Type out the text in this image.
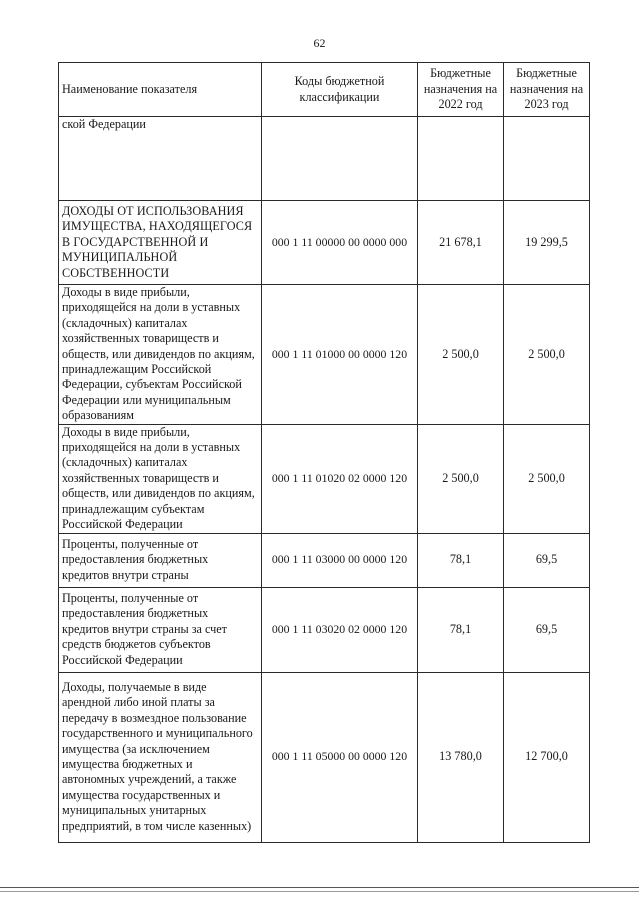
62
Наименование показателя	Коды бюджетной классификации	Бюджетные назначения на 2022 год	Бюджетные назначения на 2023 год
ской Федерации			
ДОХОДЫ ОТ ИСПОЛЬЗОВАНИЯ ИМУЩЕСТВА, НАХОДЯЩЕГОСЯ В ГОСУДАРСТВЕННОЙ И МУНИЦИПАЛЬНОЙ СОБСТВЕННОСТИ	000 1 11 00000 00 0000 000	21 678,1	19 299,5
Доходы в виде прибыли, приходящейся на доли в уставных (складочных) капиталах хозяйственных товариществ и обществ, или дивидендов по акциям, принадлежащим Российской Федерации, субъектам Российской Федерации или муниципальным образованиям	000 1 11 01000 00 0000 120	2 500,0	2 500,0
Доходы в виде прибыли, приходящейся на доли в уставных (складочных) капиталах хозяйственных товариществ и обществ, или дивидендов по акциям, принадлежащим субъектам Российской Федерации	000 1 11 01020 02 0000 120	2 500,0	2 500,0
Проценты, полученные от предоставления бюджетных кредитов внутри страны	000 1 11 03000 00 0000 120	78,1	69,5
Проценты, полученные от предоставления бюджетных кредитов внутри страны за счет средств бюджетов субъектов Российской Федерации	000 1 11 03020 02 0000 120	78,1	69,5
Доходы, получаемые в виде арендной либо иной платы за передачу в возмездное пользование государственного и муниципального имущества (за исключением имущества бюджетных и автономных учреждений, а также имущества государственных и муниципальных унитарных предприятий, в том числе казенных)	000 1 11 05000 00 0000 120	13 780,0	12 700,0
